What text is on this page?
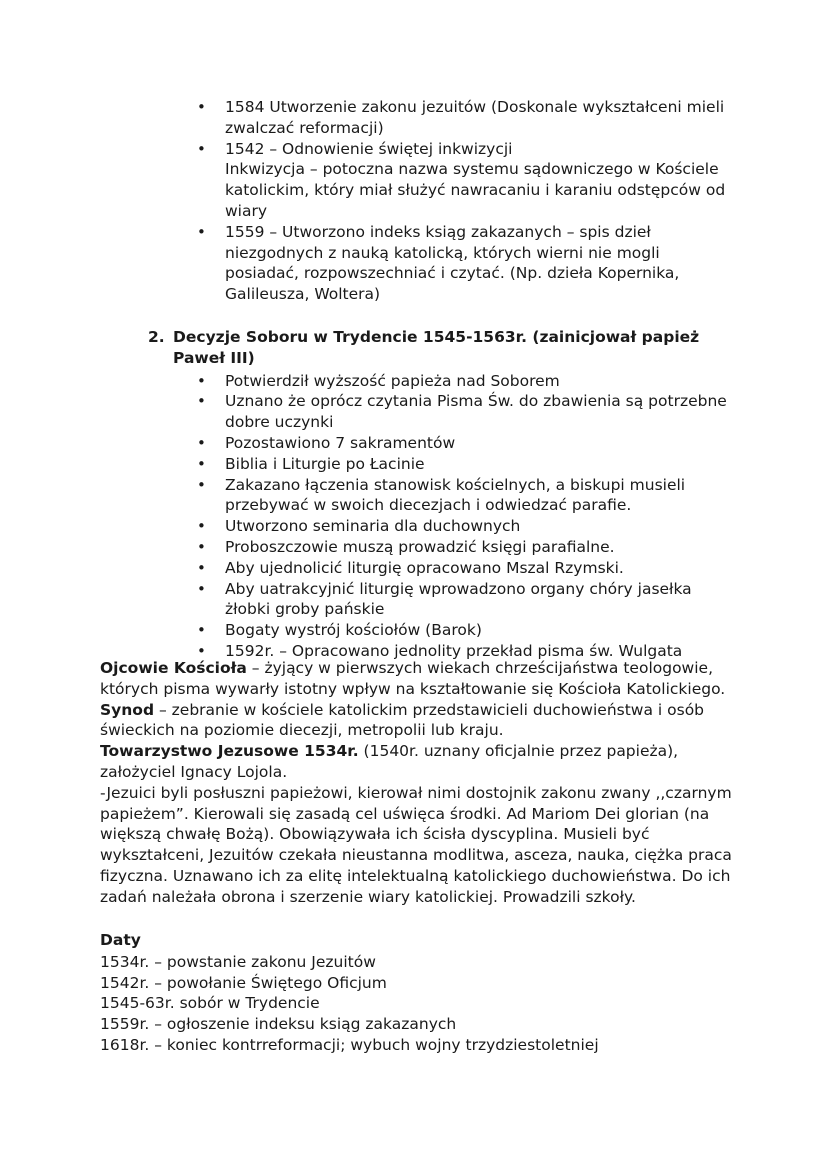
• 1584 Utworzenie zakonu jezuitów (Doskonale wykształceni mieli
zwalczać reformacji)
• 1542 – Odnowienie świętej inkwizycji
Inkwizycja – potoczna nazwa systemu sądowniczego w Kościele
katolickim, który miał służyć nawracaniu i karaniu odstępców od
wiary
• 1559 – Utworzono indeks ksiąg zakazanych – spis dzieł
niezgodnych z nauką katolicką, których wierni nie mogli
posiadać, rozpowszechniać i czytać. (Np. dzieła Kopernika,
Galileusza, Woltera)
2. Decyzje Soboru w Trydencie 1545-1563r. (zainicjował papież
Paweł III)
• Potwierdził wyższość papieża nad Soborem
• Uznano że oprócz czytania Pisma Św. do zbawienia są potrzebne
dobre uczynki
• Pozostawiono 7 sakramentów
• Biblia i Liturgie po Łacinie
• Zakazano łączenia stanowisk kościelnych, a biskupi musieli
przebywać w swoich diecezjach i odwiedzać parafie.
• Utworzono seminaria dla duchownych
• Proboszczowie muszą prowadzić księgi parafialne.
• Aby ujednolicić liturgię opracowano Mszal Rzymski.
• Aby uatrakcyjnić liturgię wprowadzono organy chóry jasełka
żłobki groby pańskie
• Bogaty wystrój kościołów (Barok)
• 1592r. – Opracowano jednolity przekład pisma św. Wulgata

Ojcowie Kościoła – żyjący w pierwszych wiekach chrześcijaństwa teologowie,

których pisma wywarły istotny wpływ na kształtowanie się Kościoła Katolickiego.

Synod – zebranie w kościele katolickim przedstawicieli duchowieństwa i osób

świeckich na poziomie diecezji, metropolii lub kraju.

Towarzystwo Jezusowe 1534r. (1540r. uznany oficjalnie przez papieża),

założyciel Ignacy Lojola.

-Jezuici byli posłuszni papieżowi, kierował nimi dostojnik zakonu zwany ,,czarnym

papieżem”. Kierowali się zasadą cel uświęca środki. Ad Mariom Dei glorian (na

większą chwałę Bożą). Obowiązywała ich ścisła dyscyplina. Musieli być

wykształceni, Jezuitów czekała nieustanna modlitwa, asceza, nauka, ciężka praca

fizyczna. Uznawano ich za elitę intelektualną katolickiego duchowieństwa. Do ich

zadań należała obrona i szerzenie wiary katolickiej. Prowadzili szkoły.

Daty

1534r. – powstanie zakonu Jezuitów
1542r. – powołanie Świętego Oficjum
1545-63r. sobór w Trydencie
1559r. – ogłoszenie indeksu ksiąg zakazanych
1618r. – koniec kontrreformacji; wybuch wojny trzydziestoletniej
